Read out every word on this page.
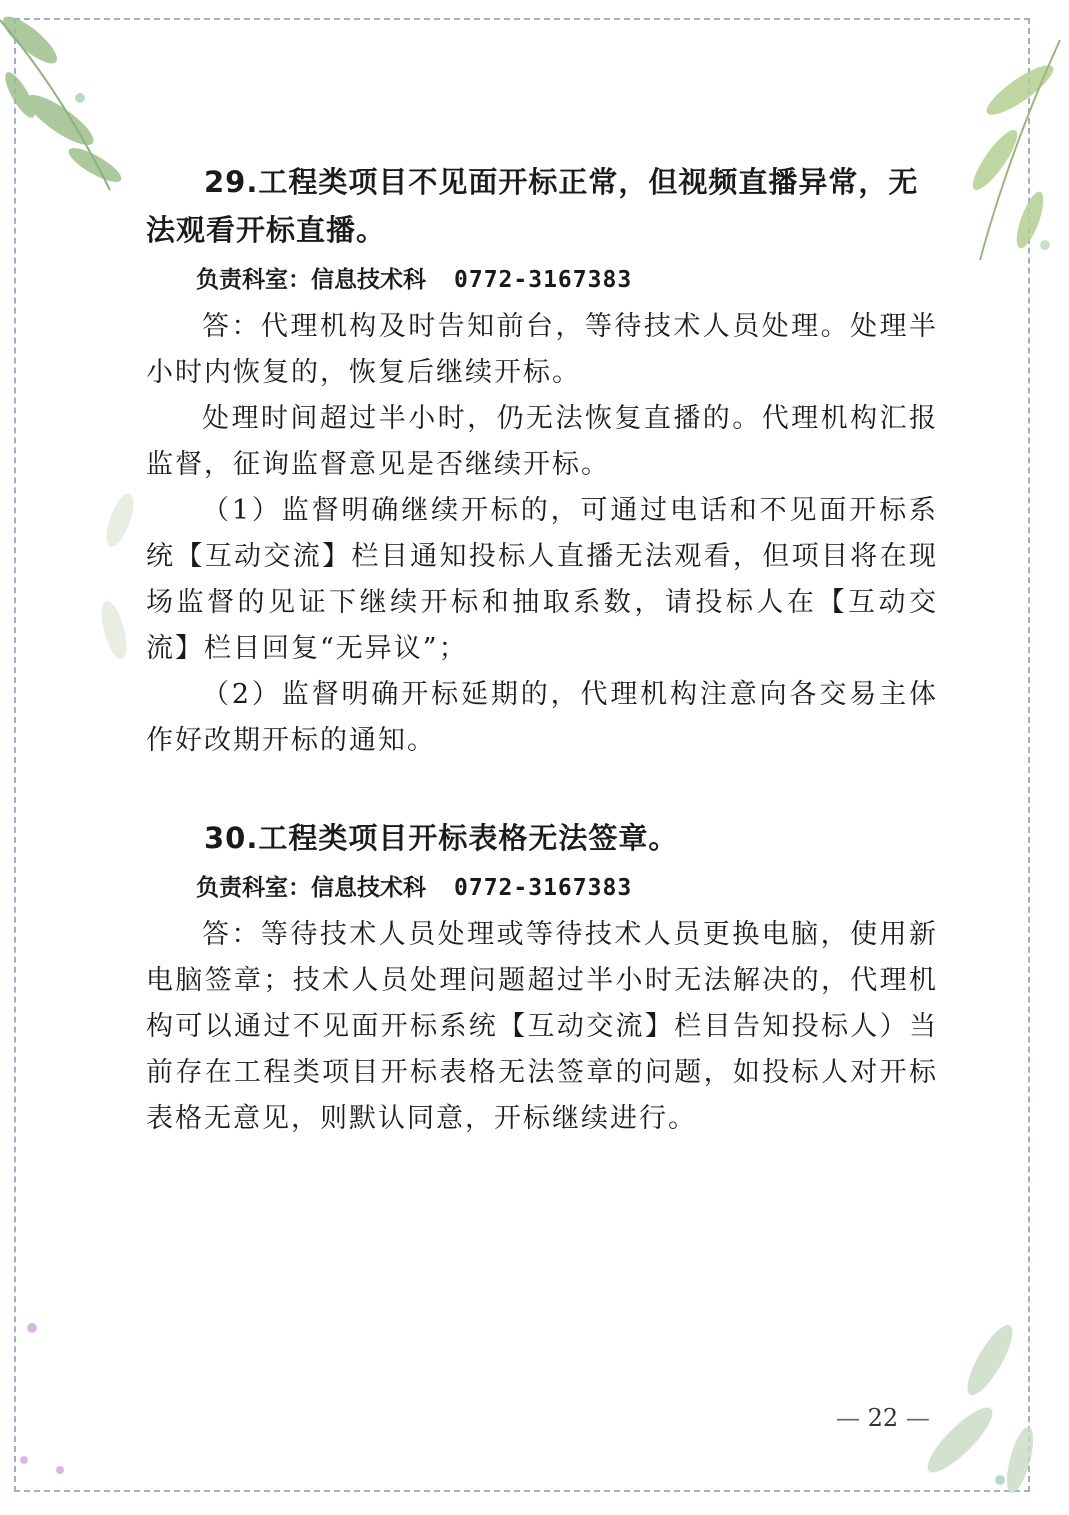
29.工程类项目不见面开标正常，但视频直播异常，无法观看开标直播。

负责科室：信息技术科 0772-3167383

答：代理机构及时告知前台，等待技术人员处理。处理半小时内恢复的，恢复后继续开标。

处理时间超过半小时，仍无法恢复直播的。代理机构汇报监督，征询监督意见是否继续开标。

（1）监督明确继续开标的，可通过电话和不见面开标系统【互动交流】栏目通知投标人直播无法观看，但项目将在现场监督的见证下继续开标和抽取系数，请投标人在【互动交流】栏目回复“无异议”；

（2）监督明确开标延期的，代理机构注意向各交易主体作好改期开标的通知。

30.工程类项目开标表格无法签章。

负责科室：信息技术科 0772-3167383

答：等待技术人员处理或等待技术人员更换电脑，使用新电脑签章；技术人员处理问题超过半小时无法解决的，代理机构可以通过不见面开标系统【互动交流】栏目告知投标人）当前存在工程类项目开标表格无法签章的问题，如投标人对开标表格无意见，则默认同意，开标继续进行。

— 22 —
